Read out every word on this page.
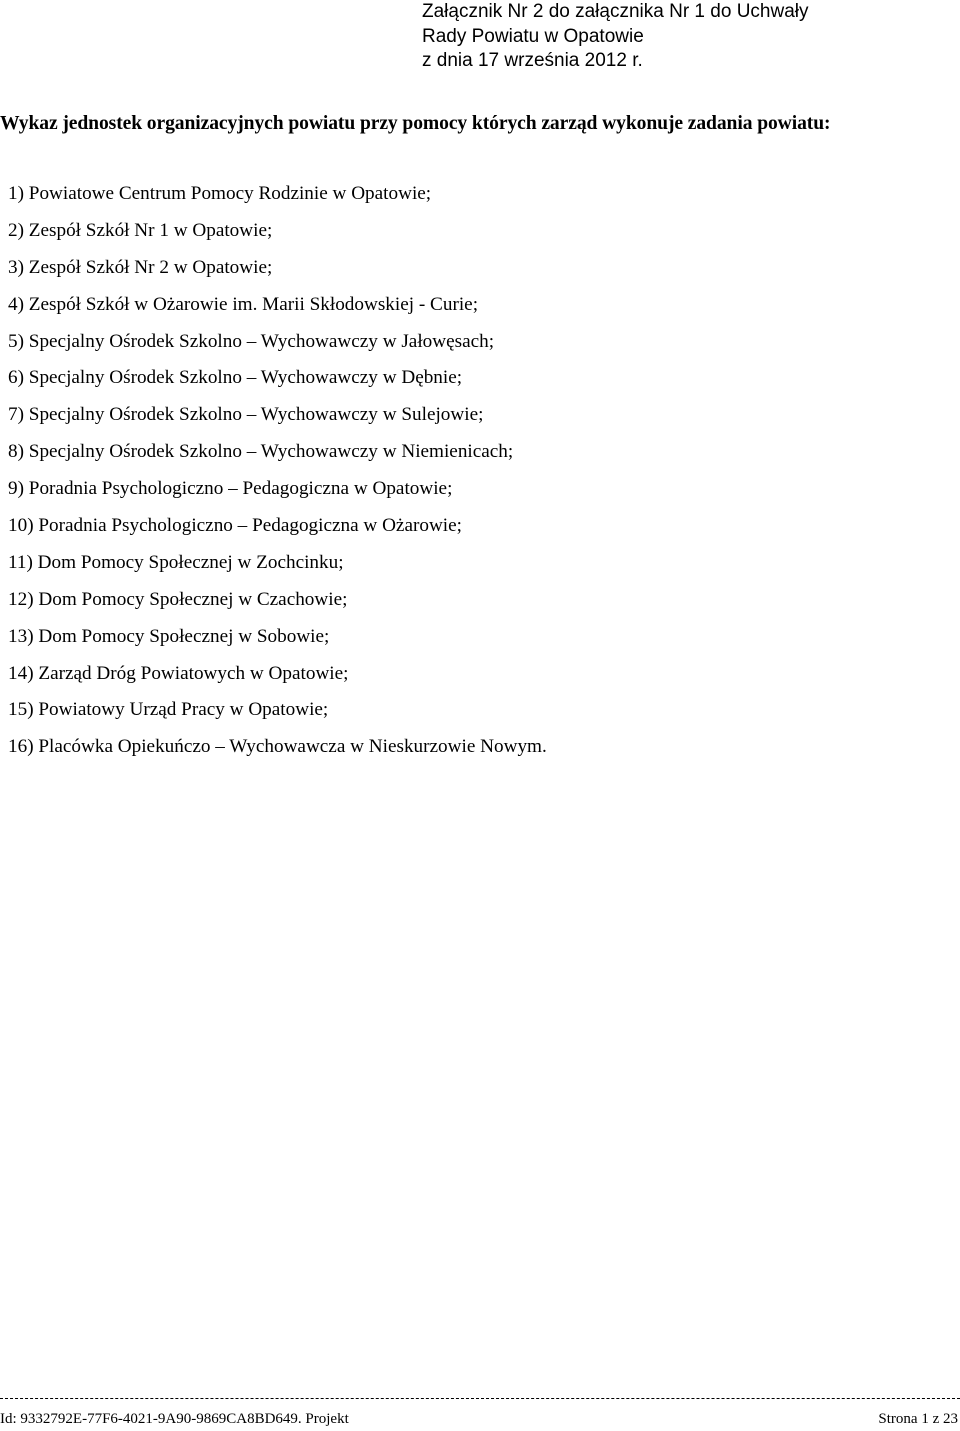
Załącznik Nr 2 do załącznika Nr 1 do Uchwały
Rady Powiatu w Opatowie
z dnia 17 września 2012 r.
Wykaz jednostek organizacyjnych powiatu przy pomocy których zarząd wykonuje zadania powiatu:
1) Powiatowe Centrum Pomocy Rodzinie w Opatowie;
2) Zespół Szkół Nr 1 w Opatowie;
3) Zespół Szkół Nr 2 w Opatowie;
4) Zespół Szkół w Ożarowie im. Marii Skłodowskiej - Curie;
5) Specjalny Ośrodek Szkolno – Wychowawczy w Jałowęsach;
6) Specjalny Ośrodek Szkolno – Wychowawczy w Dębnie;
7) Specjalny Ośrodek Szkolno – Wychowawczy w Sulejowie;
8) Specjalny Ośrodek Szkolno – Wychowawczy w Niemienicach;
9) Poradnia Psychologiczno – Pedagogiczna w Opatowie;
10) Poradnia Psychologiczno – Pedagogiczna w Ożarowie;
11) Dom Pomocy Społecznej w Zochcinku;
12) Dom Pomocy Społecznej w Czachowie;
13) Dom Pomocy Społecznej w Sobowie;
14) Zarząd Dróg Powiatowych w Opatowie;
15) Powiatowy Urząd Pracy w Opatowie;
16) Placówka Opiekuńczo – Wychowawcza w Nieskurzowie Nowym.
Id: 9332792E-77F6-4021-9A90-9869CA8BD649. Projekt	Strona 1 z 23
